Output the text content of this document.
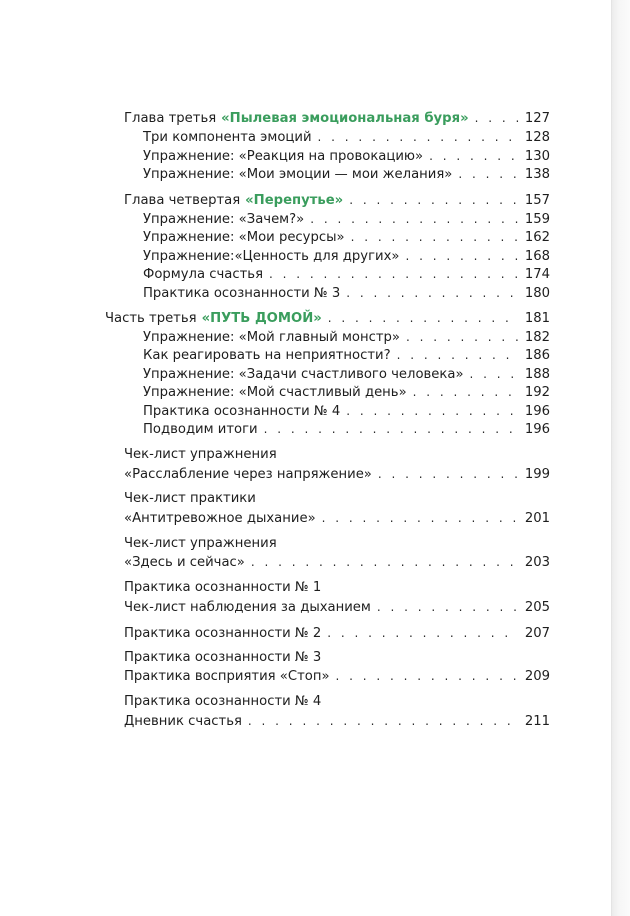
Глава третья «Пылевая эмоциональная буря» . . .	127
Три компонента эмоций . . .	128
Упражнение: «Реакция на провокацию» . . .	130
Упражнение: «Мои эмоции — мои желания» . . .	138
Глава четвертая «Перепутье» . . .	157
Упражнение: «Зачем?» . . .	159
Упражнение: «Мои ресурсы» . . .	162
Упражнение:«Ценность для других» . . .	168
Формула счастья . . .	174
Практика осознанности № 3 . . .	180
Часть третья «ПУТЬ ДОМОЙ» . . .	181
Упражнение: «Мой главный монстр» . . .	182
Как реагировать на неприятности? . . .	186
Упражнение: «Задачи счастливого человека» . . .	188
Упражнение: «Мой счастливый день» . . .	192
Практика осознанности № 4 . . .	196
Подводим итоги . . .	196
Чек-лист упражнения
«Расслабление через напряжение» . . .	199
Чек-лист практики
«Антитревожное дыхание» . . .	201
Чек-лист упражнения
«Здесь и сейчас» . . .	203
Практика осознанности № 1
Чек-лист наблюдения за дыханием . . .	205
Практика осознанности № 2 . . .	207
Практика осознанности № 3
Практика восприятия «Стоп» . . .	209
Практика осознанности № 4
Дневник счастья . . .	211
